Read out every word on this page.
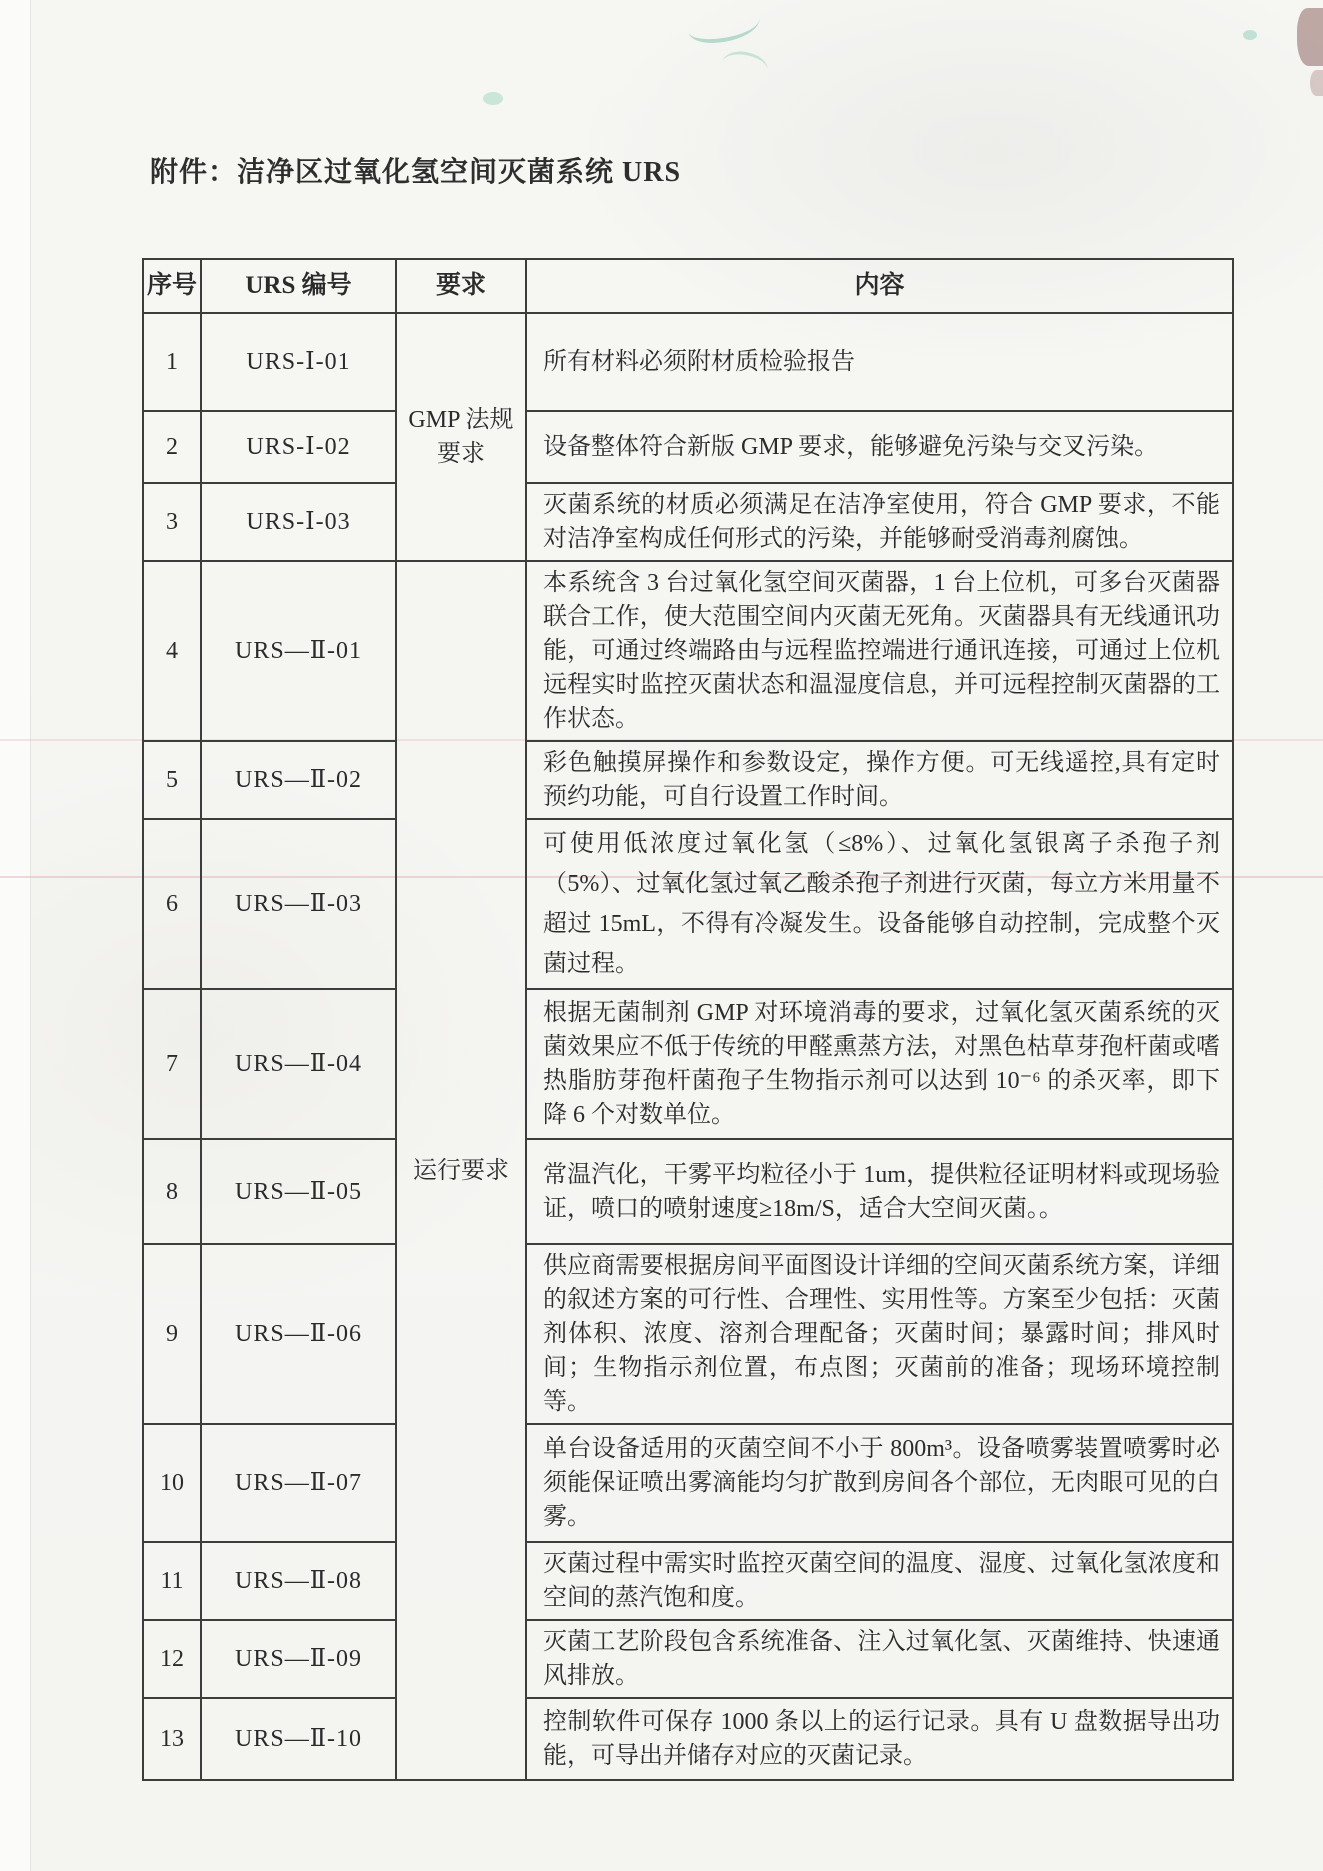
附件：洁净区过氧化氢空间灭菌系统 URS
序号	URS 编号	要求	内容
1	URS-Ⅰ-01	GMP 法规要求	所有材料必须附材质检验报告
2	URS-Ⅰ-02		设备整体符合新版 GMP 要求，能够避免污染与交叉污染。
3	URS-Ⅰ-03		灭菌系统的材质必须满足在洁净室使用，符合 GMP 要求，不能对洁净室构成任何形式的污染，并能够耐受消毒剂腐蚀。
4	URS—Ⅱ-01	运行要求	本系统含 3 台过氧化氢空间灭菌器，1 台上位机，可多台灭菌器联合工作，使大范围空间内灭菌无死角。灭菌器具有无线通讯功能，可通过终端路由与远程监控端进行通讯连接，可通过上位机远程实时监控灭菌状态和温湿度信息，并可远程控制灭菌器的工作状态。
5	URS—Ⅱ-02		彩色触摸屏操作和参数设定，操作方便。可无线遥控,具有定时预约功能，可自行设置工作时间。
6	URS—Ⅱ-03		可使用低浓度过氧化氢（≤8%）、过氧化氢银离子杀孢子剂（5%）、过氧化氢过氧乙酸杀孢子剂进行灭菌，每立方米用量不超过 15mL，不得有冷凝发生。设备能够自动控制，完成整个灭菌过程。
7	URS—Ⅱ-04		根据无菌制剂 GMP 对环境消毒的要求，过氧化氢灭菌系统的灭菌效果应不低于传统的甲醛熏蒸方法，对黑色枯草芽孢杆菌或嗜热脂肪芽孢杆菌孢子生物指示剂可以达到 10⁻⁶ 的杀灭率，即下降 6 个对数单位。
8	URS—Ⅱ-05		常温汽化，干雾平均粒径小于 1um，提供粒径证明材料或现场验证，喷口的喷射速度≥18m/S，适合大空间灭菌。。
9	URS—Ⅱ-06		供应商需要根据房间平面图设计详细的空间灭菌系统方案，详细的叙述方案的可行性、合理性、实用性等。方案至少包括：灭菌剂体积、浓度、溶剂合理配备；灭菌时间；暴露时间；排风时间；生物指示剂位置，布点图；灭菌前的准备；现场环境控制等。
10	URS—Ⅱ-07		单台设备适用的灭菌空间不小于 800m³。设备喷雾装置喷雾时必须能保证喷出雾滴能均匀扩散到房间各个部位，无肉眼可见的白雾。
11	URS—Ⅱ-08		灭菌过程中需实时监控灭菌空间的温度、湿度、过氧化氢浓度和空间的蒸汽饱和度。
12	URS—Ⅱ-09		灭菌工艺阶段包含系统准备、注入过氧化氢、灭菌维持、快速通风排放。
13	URS—Ⅱ-10		控制软件可保存 1000 条以上的运行记录。具有 U 盘数据导出功能，可导出并储存对应的灭菌记录。
